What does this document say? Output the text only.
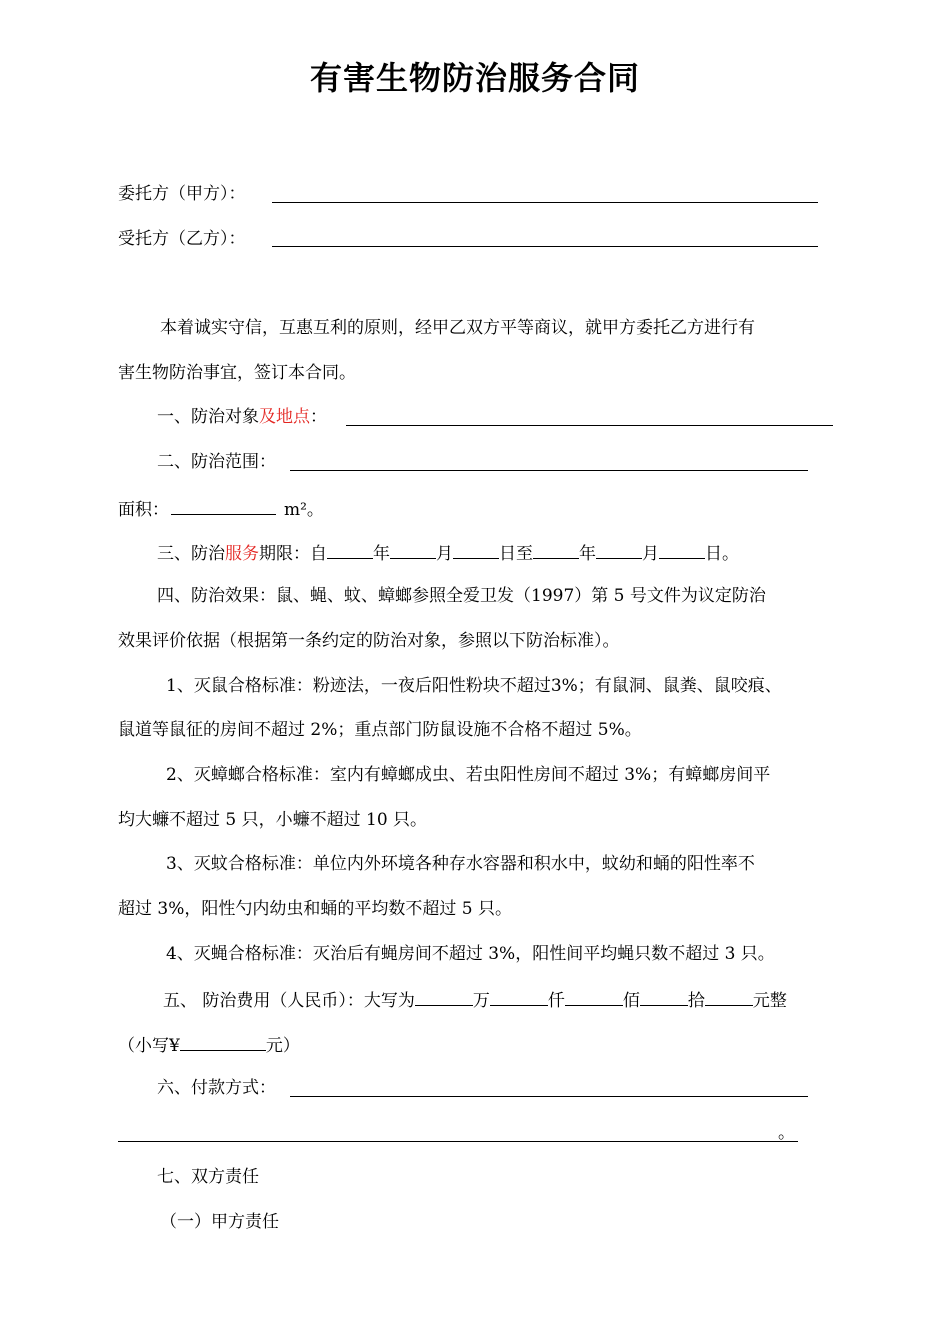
有害生物防治服务合同
委托方（甲方）：
受托方（乙方）：
本着诚实守信，互惠互利的原则，经甲乙双方平等商议，就甲方委托乙方进行有
害生物防治事宜，签订本合同。
一、防治对象及地点：
二、防治范围：
面积：	m²。
三、防治服务期限：自	年	月	日至	年	月	日。
四、防治效果：鼠、蝇、蚊、蟑螂参照全爱卫发（1997）第 5 号文件为议定防治
效果评价依据（根据第一条约定的防治对象，参照以下防治标准）。
1、灭鼠合格标准：粉迹法，一夜后阳性粉块不超过3%；有鼠洞、鼠粪、鼠咬痕、
鼠道等鼠征的房间不超过 2%；重点部门防鼠设施不合格不超过 5%。
2、灭蟑螂合格标准：室内有蟑螂成虫、若虫阳性房间不超过 3%；有蟑螂房间平
均大蠊不超过 5 只，小蠊不超过 10 只。
3、灭蚊合格标准：单位内外环境各种存水容器和积水中，蚊幼和蛹的阳性率不
超过 3%，阳性勺内幼虫和蛹的平均数不超过 5 只。
4、灭蝇合格标准：灭治后有蝇房间不超过 3%，阳性间平均蝇只数不超过 3 只。
五、 防治费用（人民币）：大写为	万	仟	佰	拾	元整
（小写¥	元）
六、付款方式：
。
七、双方责任
（一）甲方责任
